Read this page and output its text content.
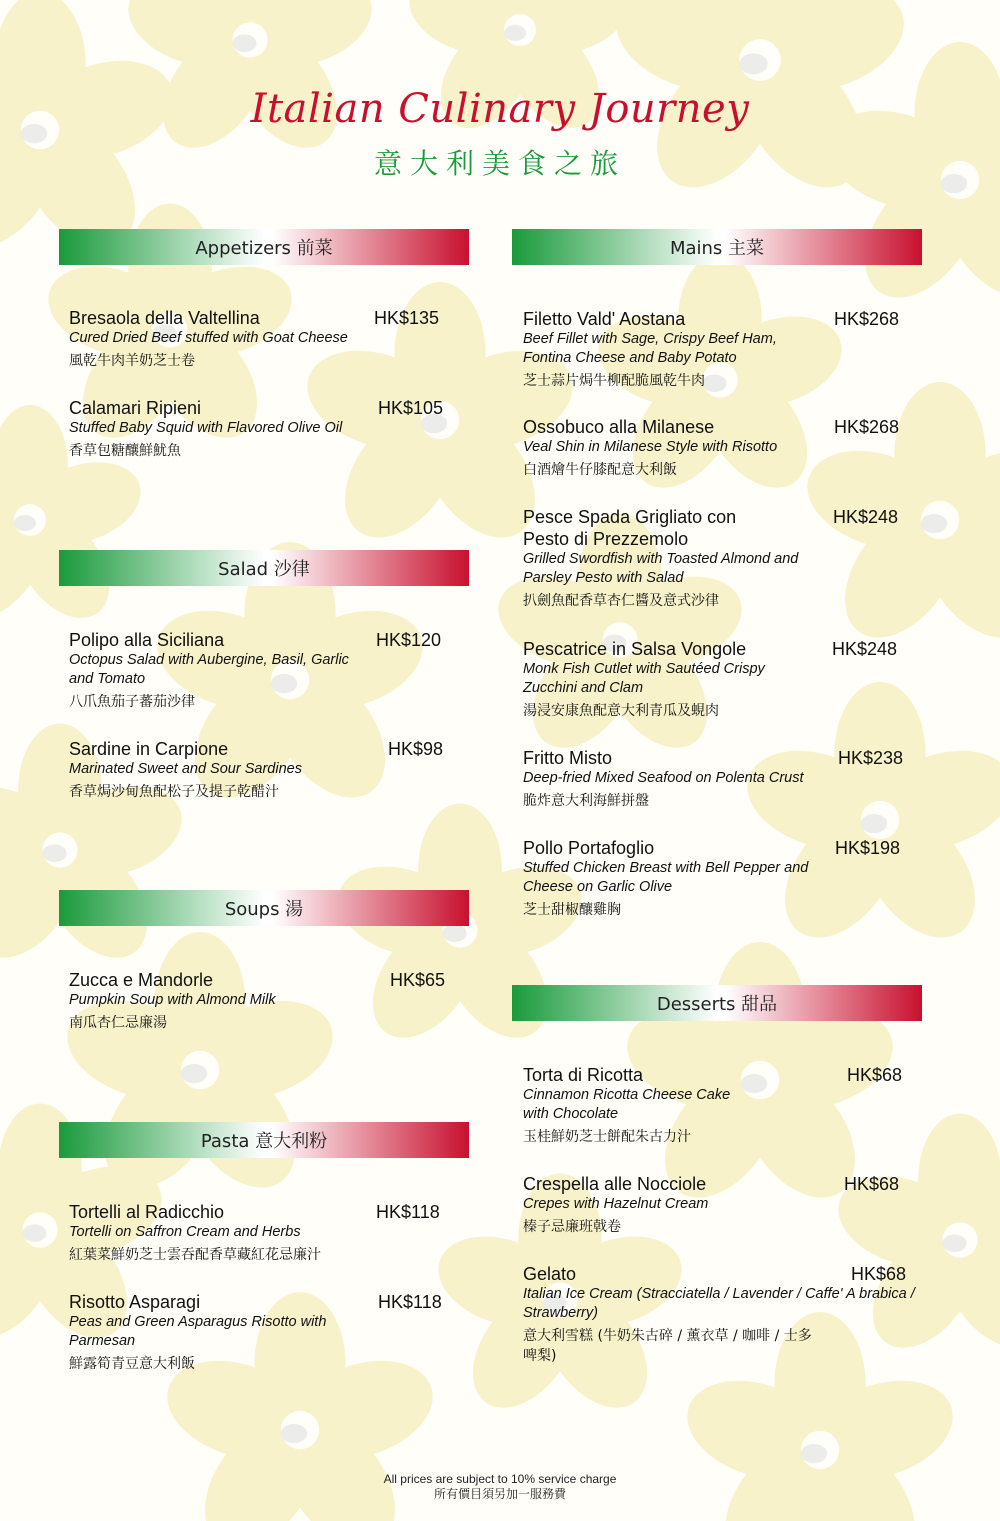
Italian Culinary Journey
意大利美食之旅
Appetizers 前菜
Bresaola della Valtellina	HK$135
Cured Dried Beef stuffed with Goat Cheese
風乾牛肉羊奶芝士卷
Calamari Ripieni	HK$105
Stuffed Baby Squid with Flavored Olive Oil
香草包糖釀鮮魷魚
Salad 沙律
Polipo alla Siciliana	HK$120
Octopus Salad with Aubergine, Basil, Garlic and Tomato
八爪魚茄子蕃茄沙律
Sardine in Carpione	HK$98
Marinated Sweet and Sour Sardines
香草焗沙甸魚配松子及提子乾醋汁
Soups 湯
Zucca e Mandorle	HK$65
Pumpkin Soup with Almond Milk
南瓜杏仁忌廉湯
Pasta 意大利粉
Tortelli al Radicchio	HK$118
Tortelli on Saffron Cream and Herbs
紅葉菜鮮奶芝士雲吞配香草藏紅花忌廉汁
Risotto Asparagi	HK$118
Peas and Green Asparagus Risotto with Parmesan
鮮露筍青豆意大利飯
Mains 主菜
Filetto Vald' Aostana	HK$268
Beef Fillet with Sage, Crispy Beef Ham, Fontina Cheese and Baby Potato
芝士蒜片焗牛柳配脆風乾牛肉
Ossobuco alla Milanese	HK$268
Veal Shin in Milanese Style with Risotto
白酒燴牛仔膝配意大利飯
Pesce Spada Grigliato con Pesto di Prezzemolo
HK$248
Grilled Swordfish with Toasted Almond and Parsley Pesto with Salad
扒劍魚配香草杏仁醬及意式沙律
Pescatrice in Salsa Vongole	HK$248
Monk Fish Cutlet with Sautéed Crispy Zucchini and Clam
湯浸安康魚配意大利青瓜及蜆肉
Fritto Misto	HK$238
Deep-fried Mixed Seafood on Polenta Crust
脆炸意大利海鮮拼盤
Pollo Portafoglio	HK$198
Stuffed Chicken Breast with Bell Pepper and Cheese on Garlic Olive
芝士甜椒釀雞胸
Desserts 甜品
Torta di Ricotta	HK$68
Cinnamon Ricotta Cheese Cake with Chocolate
玉桂鮮奶芝士餅配朱古力汁
Crespella alle Nocciole	HK$68
Crepes with Hazelnut Cream
榛子忌廉班戟卷
Gelato	HK$68
Italian Ice Cream (Stracciatella / Lavender / Caffe' A brabica / Strawberry)
意大利雪糕 (牛奶朱古碎 / 薰衣草 / 咖啡 / 士多啤梨)
All prices are subject to 10% service charge
所有價目須另加一服務費
